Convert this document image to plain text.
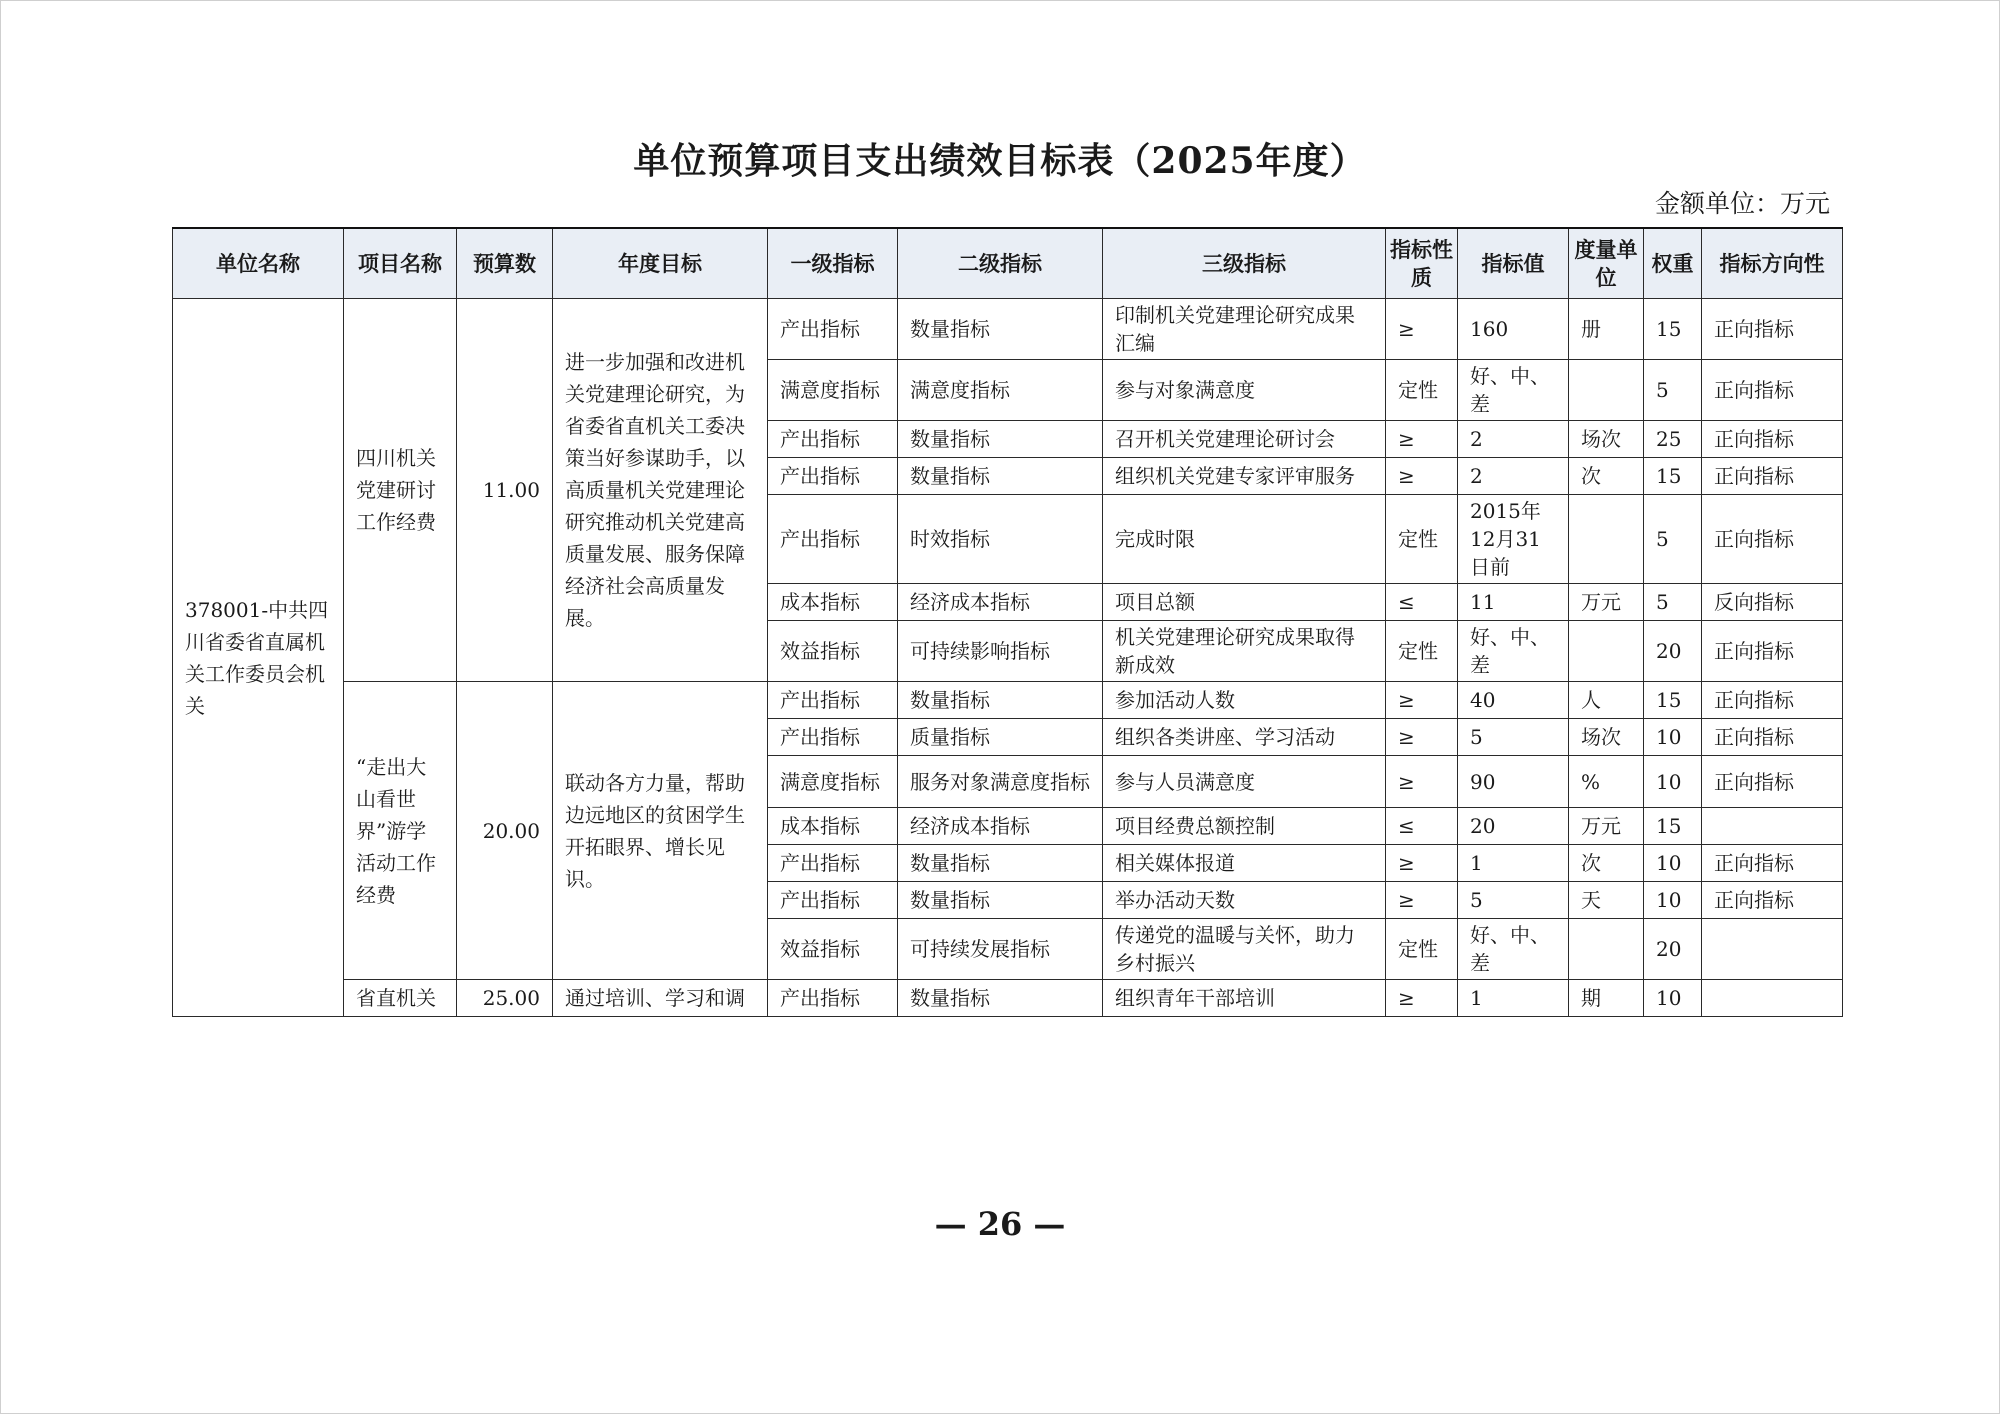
单位预算项目支出绩效目标表（2025年度）
金额单位：万元
单位名称	项目名称	预算数	年度目标	一级指标	二级指标	三级指标	指标性质	指标值	度量单位	权重	指标方向性
378001-中共四川省委省直属机关工作委员会机关	四川机关党建研讨工作经费	11.00	进一步加强和改进机关党建理论研究，为省委省直机关工委决策当好参谋助手，以高质量机关党建理论研究推动机关党建高质量发展、服务保障经济社会高质量发展。	产出指标	数量指标	印制机关党建理论研究成果汇编	≥	160	册	15	正向指标
				满意度指标	满意度指标	参与对象满意度	定性	好、中、差		5	正向指标
				产出指标	数量指标	召开机关党建理论研讨会	≥	2	场次	25	正向指标
				产出指标	数量指标	组织机关党建专家评审服务	≥	2	次	15	正向指标
				产出指标	时效指标	完成时限	定性	2015年12月31日前		5	正向指标
				成本指标	经济成本指标	项目总额	≤	11	万元	5	反向指标
				效益指标	可持续影响指标	机关党建理论研究成果取得新成效	定性	好、中、差		20	正向指标
	“走出大山看世界”游学活动工作经费	20.00	联动各方力量，帮助边远地区的贫困学生开拓眼界、增长见识。	产出指标	数量指标	参加活动人数	≥	40	人	15	正向指标
				产出指标	质量指标	组织各类讲座、学习活动	≥	5	场次	10	正向指标
				满意度指标	服务对象满意度指标	参与人员满意度	≥	90	%	10	正向指标
				成本指标	经济成本指标	项目经费总额控制	≤	20	万元	15	
				产出指标	数量指标	相关媒体报道	≥	1	次	10	正向指标
				产出指标	数量指标	举办活动天数	≥	5	天	10	正向指标
				效益指标	可持续发展指标	传递党的温暖与关怀，助力乡村振兴	定性	好、中、差		20	
	省直机关	25.00	通过培训、学习和调	产出指标	数量指标	组织青年干部培训	≥	1	期	10	
— 26 —
